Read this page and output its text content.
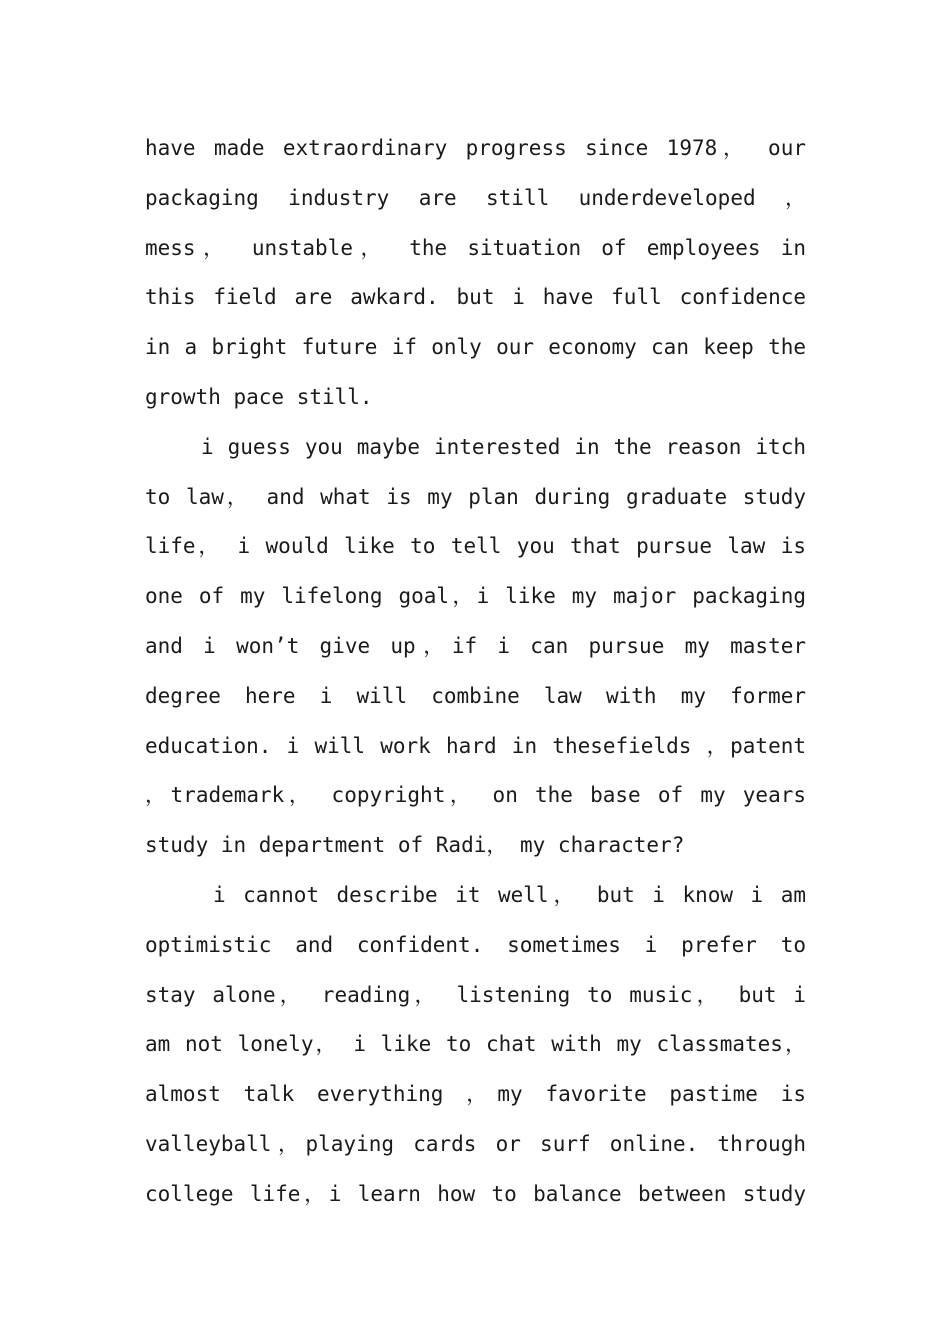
have made extraordinary progress since 1978， our
packaging industry are still underdeveloped ，
mess， unstable， the situation of employees in
this field are awkard. but i have full confidence
in a bright future if only our economy can keep the
growth pace still.
i guess you maybe interested in the reason itch
to law， and what is my plan during graduate study
life， i would like to tell you that pursue law is
one of my lifelong goal，i like my major packaging
and i won’t give up，if i can pursue my master
degree here i will combine law with my former
education. i will work hard in thesefields ，patent
，trademark， copyright， on the base of my years
study in department of Radi， my character?
i cannot describe it well， but i know i am
optimistic and confident. sometimes i prefer to
stay alone， reading， listening to music， but i
am not lonely， i like to chat with my classmates，
almost talk everything ，my favorite pastime is
valleyball，playing cards or surf online. through
college life，i learn how to balance between study
